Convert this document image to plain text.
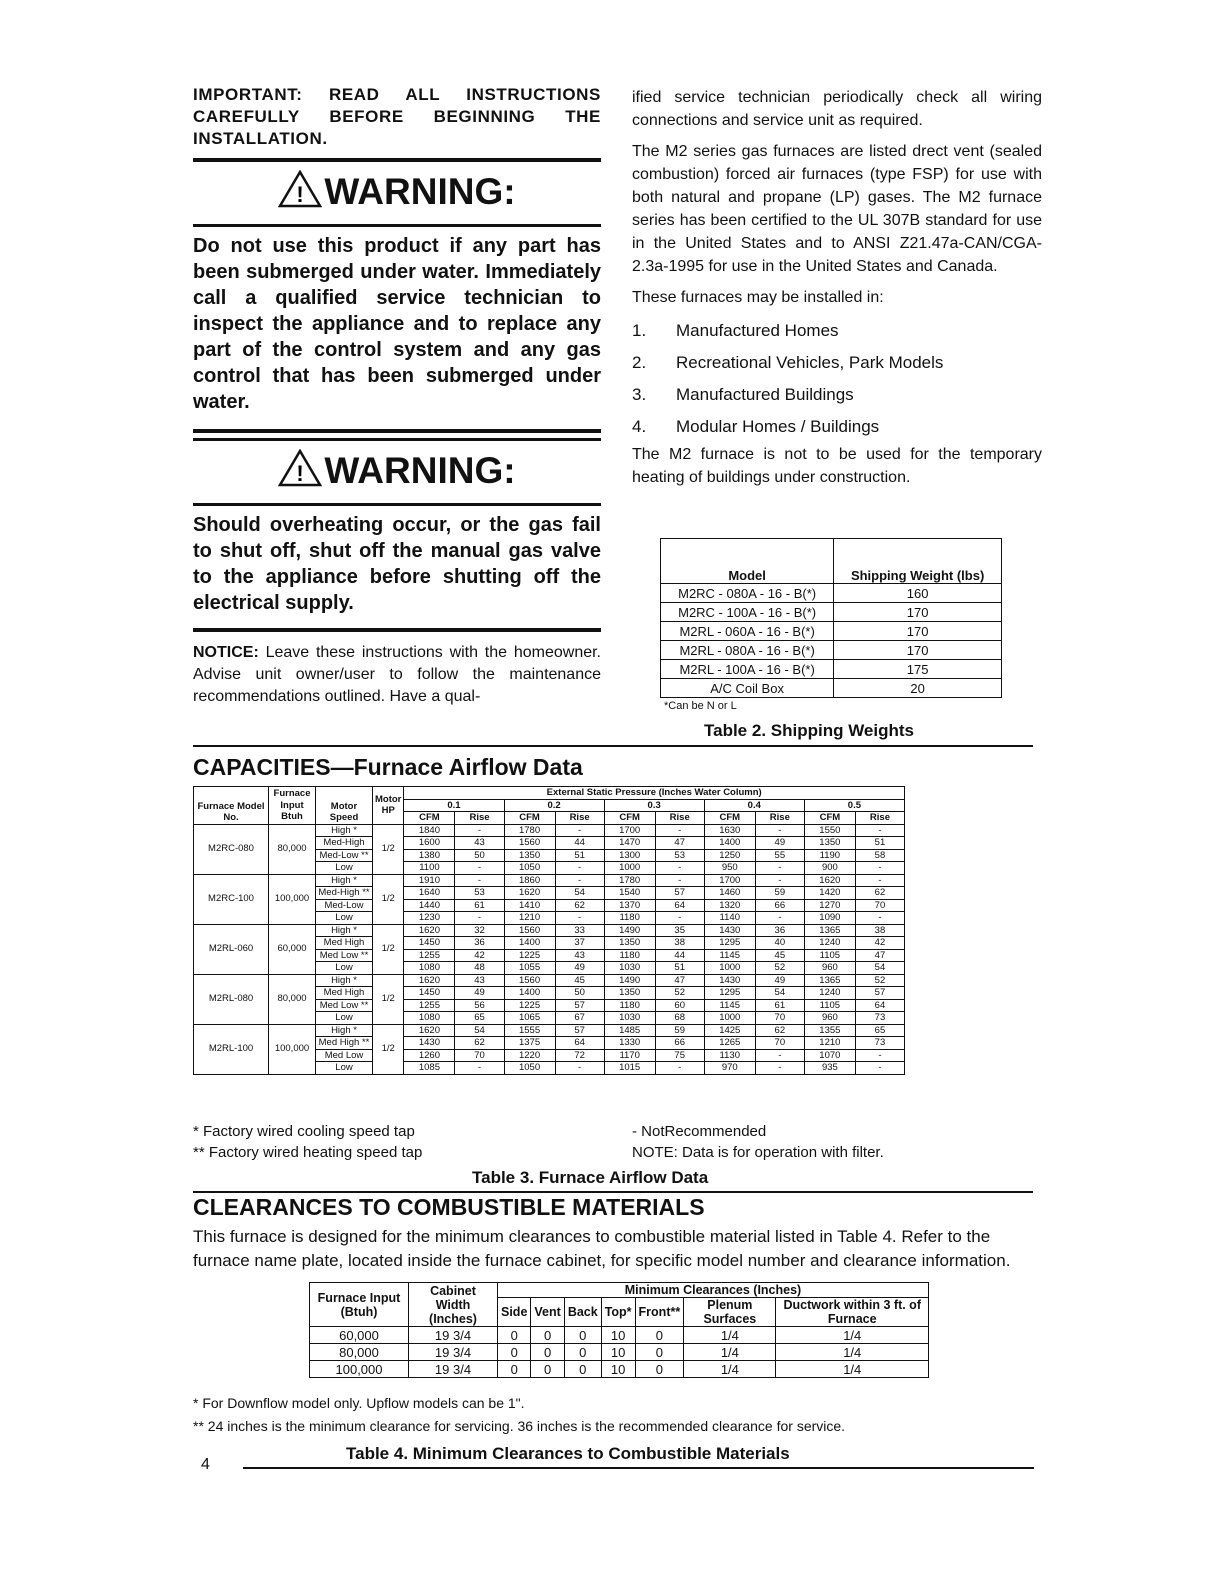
IMPORTANT: READ ALL INSTRUCTIONS CAREFULLY BEFORE BEGINNING THE INSTALLATION.

! WARNING:

Do not use this product if any part has been submerged under water. Immediately call a qualified service technician to inspect the appliance and to replace any part of the control system and any gas control that has been submerged under water.

! WARNING:

Should overheating occur, or the gas fail to shut off, shut off the manual gas valve to the appliance before shutting off the electrical supply.

NOTICE: Leave these instructions with the homeowner. Advise unit owner/user to follow the maintenance recommendations outlined. Have a qual-

ified service technician periodically check all wiring connections and service unit as required.

The M2 series gas furnaces are listed drect vent (sealed combustion) forced air furnaces (type FSP) for use with both natural and propane (LP) gases. The M2 furnace series has been certified to the UL 307B standard for use in the United States and to ANSI Z21.47a-CAN/CGA-2.3a-1995 for use in the United States and Canada.

These furnaces may be installed in:

1. Manufactured Homes
2. Recreational Vehicles, Park Models
3. Manufactured Buildings
4. Modular Homes / Buildings

The M2 furnace is not to be used for the temporary heating of buildings under construction.

Model	Shipping Weight (lbs)
M2RC - 080A - 16 - B(*)	160
M2RC - 100A - 16 - B(*)	170
M2RL - 060A - 16 - B(*)	170
M2RL - 080A - 16 - B(*)	170
M2RL - 100A - 16 - B(*)	175
A/C Coil Box	20
*Can be N or L
Table 2. Shipping Weights
CAPACITIES—Furnace Airflow Data
Furnace Model No.	Furnace Input Btuh	Motor Speed	Motor HP	External Static Pressure (Inches Water Column)									
				0.1		0.2		0.3		0.4		0.5	
				CFM	Rise	CFM	Rise	CFM	Rise	CFM	Rise	CFM	Rise
M2RC-080	80,000	High *	1/2	1840	-	1780	-	1700	-	1630	-	1550	-
		Med-High		1600	43	1560	44	1470	47	1400	49	1350	51
		Med-Low **		1380	50	1350	51	1300	53	1250	55	1190	58
		Low		1100	-	1050	-	1000	-	950	-	900	-
M2RC-100	100,000	High *	1/2	1910	-	1860	-	1780	-	1700	-	1620	-
		Med-High **		1640	53	1620	54	1540	57	1460	59	1420	62
		Med-Low		1440	61	1410	62	1370	64	1320	66	1270	70
		Low		1230	-	1210	-	1180	-	1140	-	1090	-
M2RL-060	60,000	High *	1/2	1620	32	1560	33	1490	35	1430	36	1365	38
		Med High		1450	36	1400	37	1350	38	1295	40	1240	42
		Med Low **		1255	42	1225	43	1180	44	1145	45	1105	47
		Low		1080	48	1055	49	1030	51	1000	52	960	54
M2RL-080	80,000	High *	1/2	1620	43	1560	45	1490	47	1430	49	1365	52
		Med High		1450	49	1400	50	1350	52	1295	54	1240	57
		Med Low **		1255	56	1225	57	1180	60	1145	61	1105	64
		Low		1080	65	1065	67	1030	68	1000	70	960	73
M2RL-100	100,000	High *	1/2	1620	54	1555	57	1485	59	1425	62	1355	65
		Med High **		1430	62	1375	64	1330	66	1265	70	1210	73
		Med Low		1260	70	1220	72	1170	75	1130	-	1070	-
		Low		1085	-	1050	-	1015	-	970	-	935	-
* Factory wired cooling speed tap
** Factory wired heating speed tap
- NotRecommended
NOTE: Data is for operation with filter.
Table 3. Furnace Airflow Data
CLEARANCES TO COMBUSTIBLE MATERIALS
This furnace is designed for the minimum clearances to combustible material listed in Table 4. Refer to the furnace name plate, located inside the furnace cabinet, for specific model number and clearance information.
Furnace Input (Btuh)	Cabinet Width (Inches)	Minimum Clearances (Inches)						
		Side	Vent	Back	Top*	Front**	Plenum Surfaces	Ductwork within 3 ft. of Furnace
60,000	19 3/4	0	0	0	10	0	1/4	1/4
80,000	19 3/4	0	0	0	10	0	1/4	1/4
100,000	19 3/4	0	0	0	10	0	1/4	1/4
* For Downflow model only. Upflow models can be 1".
** 24 inches is the minimum clearance for servicing. 36 inches is the recommended clearance for service.
Table 4. Minimum Clearances to Combustible Materials
4
